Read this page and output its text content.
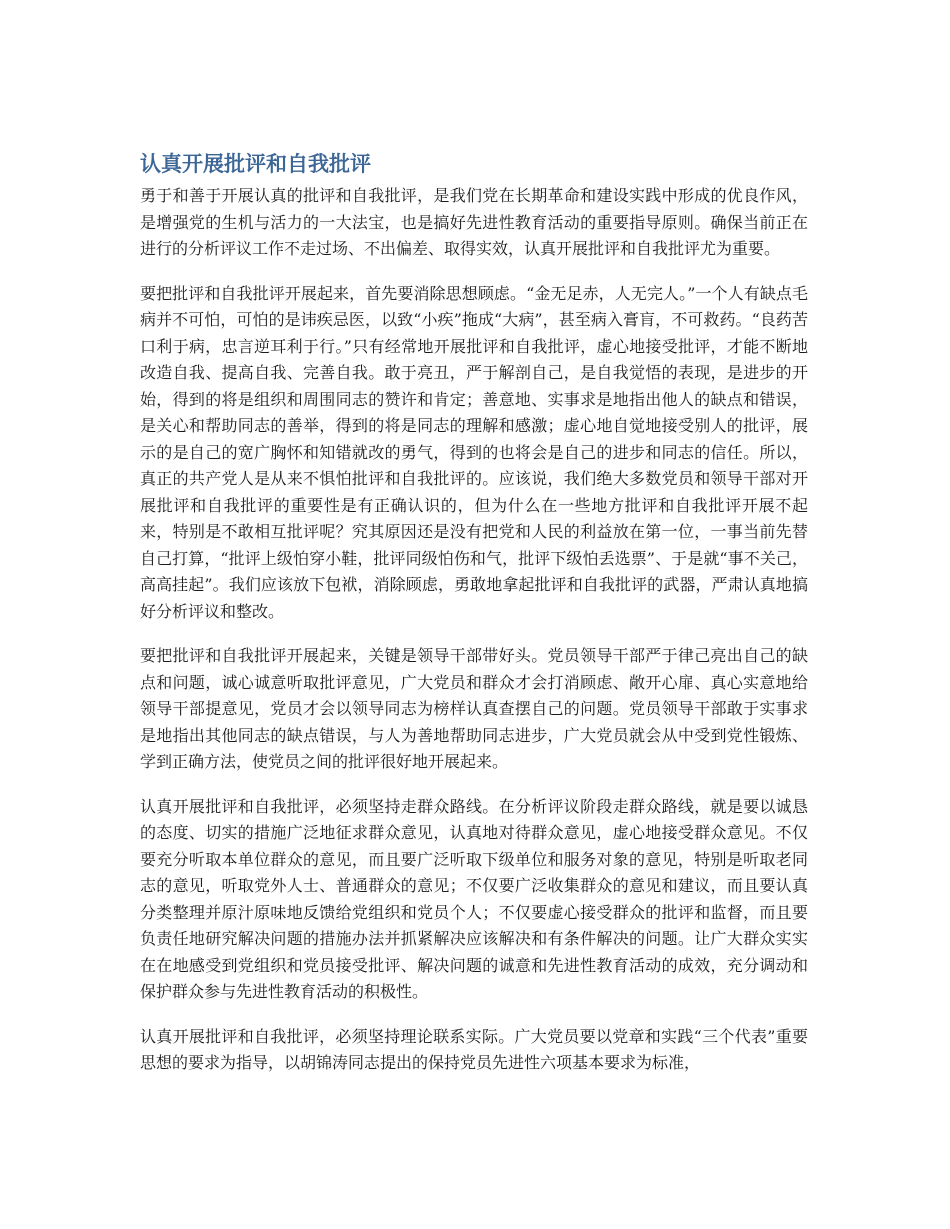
认真开展批评和自我批评

勇于和善于开展认真的批评和自我批评，是我们党在长期革命和建设实践中形成的优良作风，是增强党的生机与活力的一大法宝，也是搞好先进性教育活动的重要指导原则。确保当前正在进行的分析评议工作不走过场、不出偏差、取得实效，认真开展批评和自我批评尤为重要。

要把批评和自我批评开展起来，首先要消除思想顾虑。“金无足赤，人无完人。”一个人有缺点毛病并不可怕，可怕的是讳疾忌医，以致“小疾”拖成“大病”，甚至病入膏肓，不可救药。“良药苦口利于病，忠言逆耳利于行。”只有经常地开展批评和自我批评，虚心地接受批评，才能不断地改造自我、提高自我、完善自我。敢于亮丑，严于解剖自己，是自我觉悟的表现，是进步的开始，得到的将是组织和周围同志的赞许和肯定；善意地、实事求是地指出他人的缺点和错误，是关心和帮助同志的善举，得到的将是同志的理解和感激；虚心地自觉地接受别人的批评，展示的是自己的宽广胸怀和知错就改的勇气，得到的也将会是自己的进步和同志的信任。所以，真正的共产党人是从来不惧怕批评和自我批评的。应该说，我们绝大多数党员和领导干部对开展批评和自我批评的重要性是有正确认识的，但为什么在一些地方批评和自我批评开展不起来，特别是不敢相互批评呢？究其原因还是没有把党和人民的利益放在第一位，一事当前先替自己打算，“批评上级怕穿小鞋，批评同级怕伤和气，批评下级怕丢选票”、于是就“事不关己，高高挂起”。我们应该放下包袱，消除顾虑，勇敢地拿起批评和自我批评的武器，严肃认真地搞好分析评议和整改。

要把批评和自我批评开展起来，关键是领导干部带好头。党员领导干部严于律己亮出自己的缺点和问题，诚心诚意听取批评意见，广大党员和群众才会打消顾虑、敞开心扉、真心实意地给领导干部提意见，党员才会以领导同志为榜样认真查摆自己的问题。党员领导干部敢于实事求是地指出其他同志的缺点错误，与人为善地帮助同志进步，广大党员就会从中受到党性锻炼、学到正确方法，使党员之间的批评很好地开展起来。

认真开展批评和自我批评，必须坚持走群众路线。在分析评议阶段走群众路线，就是要以诚恳的态度、切实的措施广泛地征求群众意见，认真地对待群众意见，虚心地接受群众意见。不仅要充分听取本单位群众的意见，而且要广泛听取下级单位和服务对象的意见，特别是听取老同志的意见，听取党外人士、普通群众的意见；不仅要广泛收集群众的意见和建议，而且要认真分类整理并原汁原味地反馈给党组织和党员个人；不仅要虚心接受群众的批评和监督，而且要负责任地研究解决问题的措施办法并抓紧解决应该解决和有条件解决的问题。让广大群众实实在在地感受到党组织和党员接受批评、解决问题的诚意和先进性教育活动的成效，充分调动和保护群众参与先进性教育活动的积极性。

认真开展批评和自我批评，必须坚持理论联系实际。广大党员要以党章和实践“三个代表”重要思想的要求为指导，以胡锦涛同志提出的保持党员先进性六项基本要求为标准，
